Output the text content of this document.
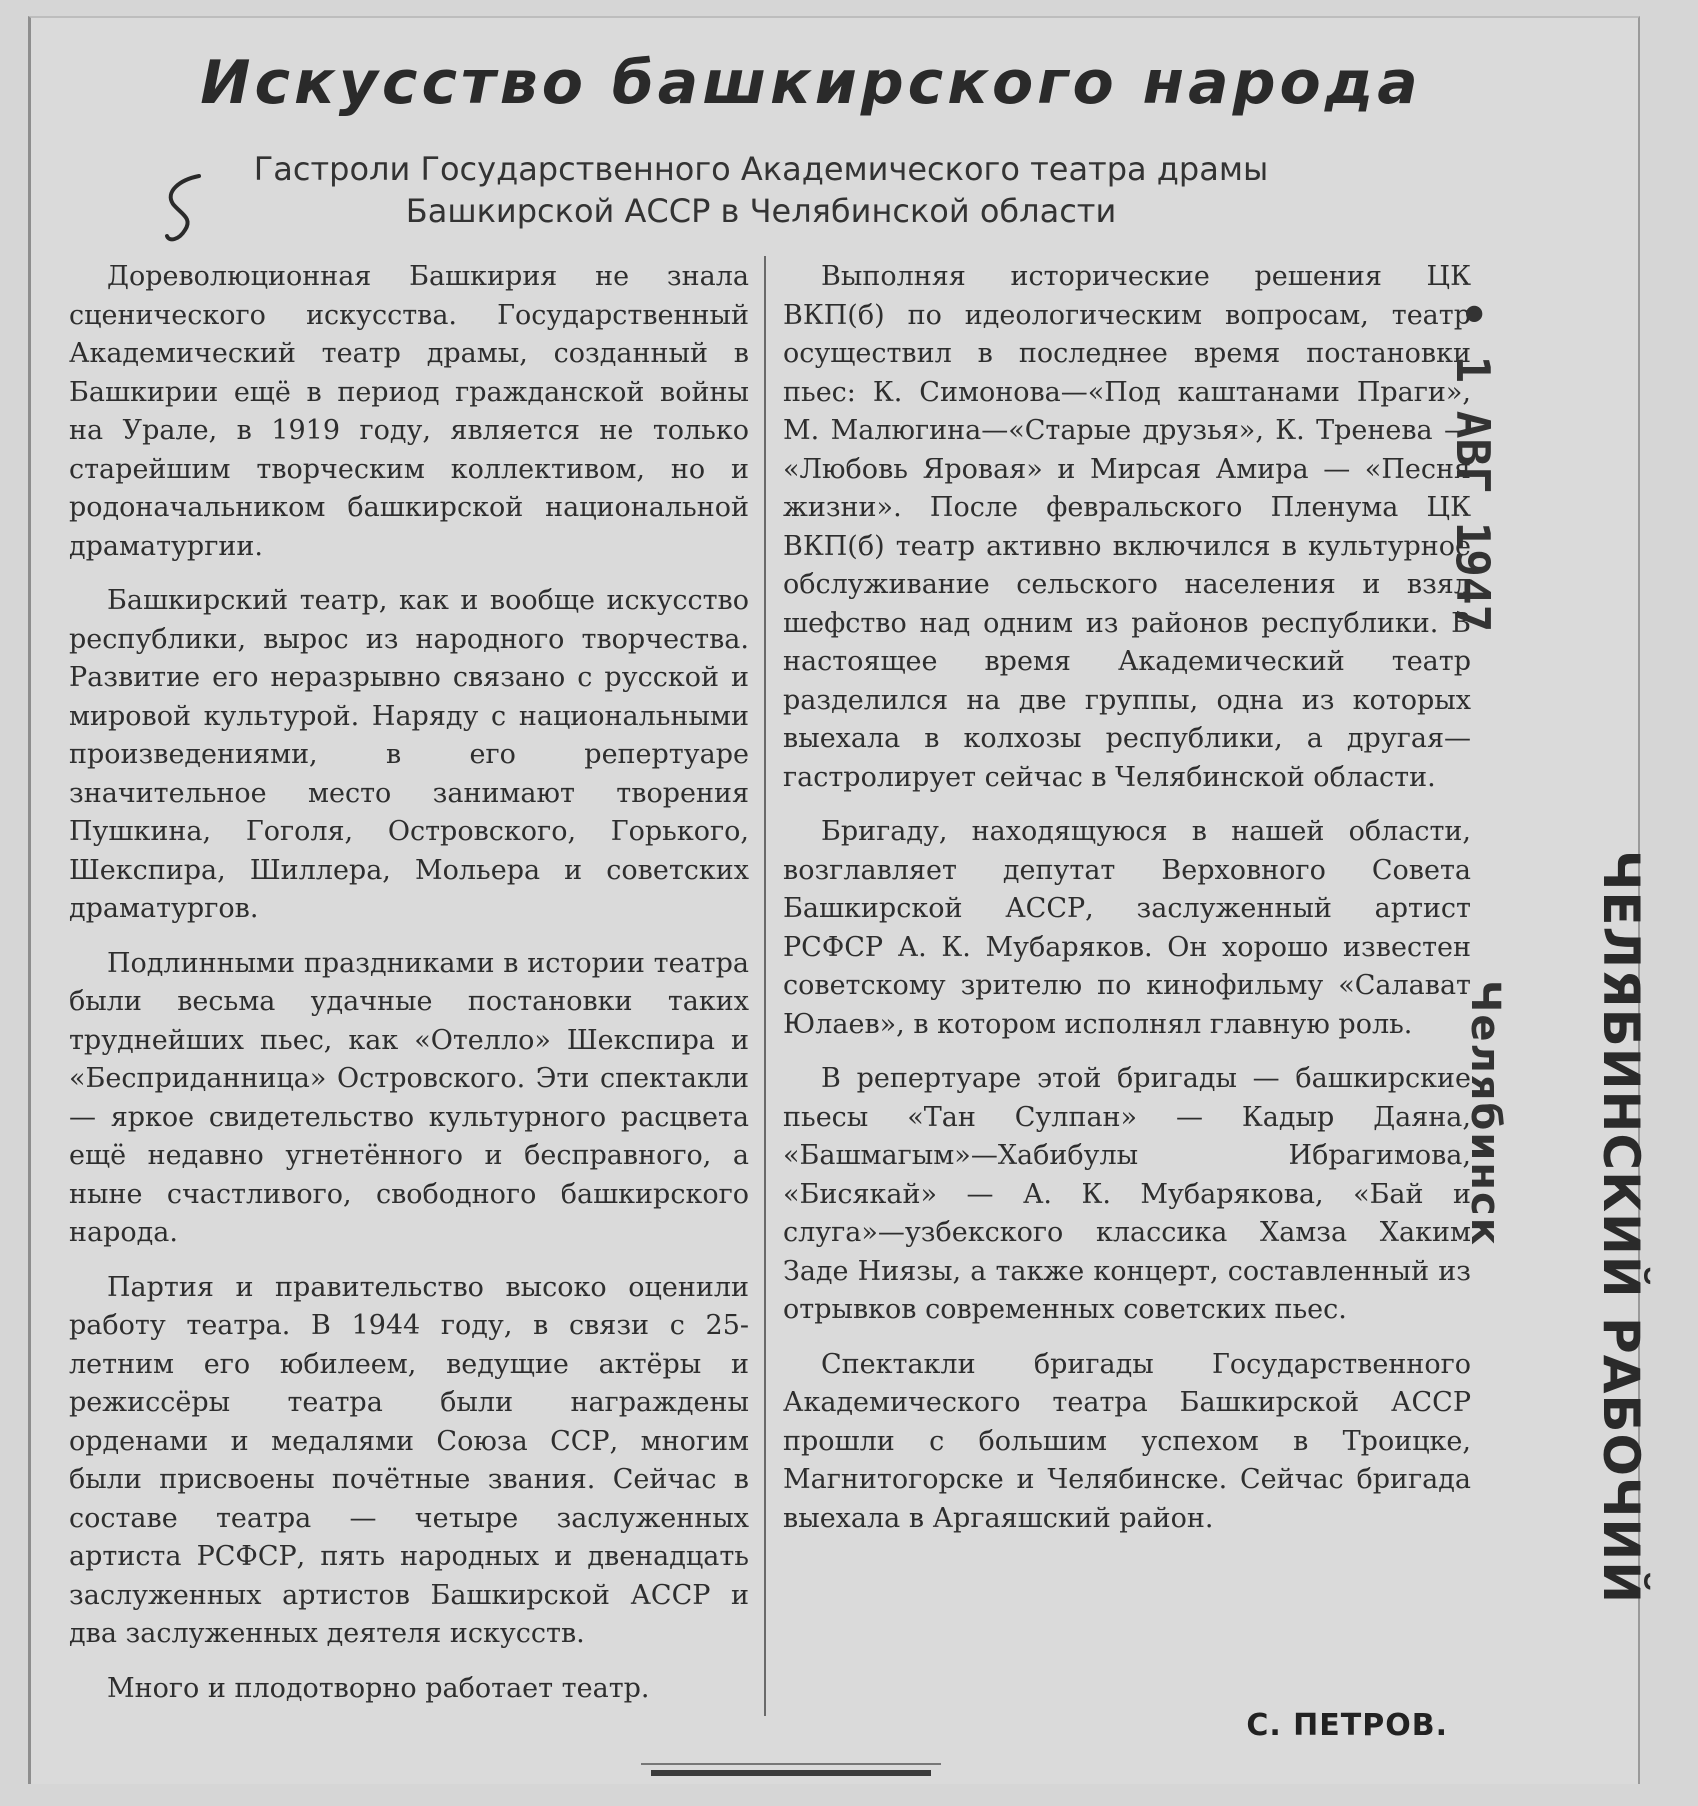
Искусство башкирского народа
Гастроли Государственного Академического театра драмы
Башкирской АССР в Челябинской области

Дореволюционная Башкирия не знала сценического искусства. Государственный Академический театр драмы, созданный в Башкирии ещё в период гражданской войны на Урале, в 1919 году, является не только старейшим творческим коллективом, но и родоначальником башкирской национальной драматургии.

Башкирский театр, как и вообще искусство республики, вырос из народного творчества. Развитие его неразрывно связано с русской и мировой культурой. Наряду с национальными произведениями, в его репертуаре значительное место занимают творения Пушкина, Гоголя, Островского, Горького, Шекспира, Шиллера, Мольера и советских драматургов.

Подлинными праздниками в истории театра были весьма удачные постановки таких труднейших пьес, как «Отелло» Шекспира и «Бесприданница» Островского. Эти спектакли — яркое свидетельство культурного расцвета ещё недавно угнетённого и бесправного, а ныне счастливого, свободного башкирского народа.

Партия и правительство высоко оценили работу театра. В 1944 году, в связи с 25-летним его юбилеем, ведущие актёры и режиссёры театра были награждены орденами и медалями Союза ССР, многим были присвоены почётные звания. Сейчас в составе театра — четыре заслуженных артиста РСФСР, пять народных и двенадцать заслуженных артистов Башкирской АССР и два заслуженных деятеля искусств.

Много и плодотворно работает театр.

Выполняя исторические решения ЦК ВКП(б) по идеологическим вопросам, театр осуществил в последнее время постановки пьес: К. Симонова—«Под каштанами Праги», М. Малюгина—«Старые друзья», К. Тренева — «Любовь Яровая» и Мирсая Амира — «Песня жизни». После февральского Пленума ЦК ВКП(б) театр активно включился в культурное обслуживание сельского населения и взял шефство над одним из районов республики. В настоящее время Академический театр разделился на две группы, одна из которых выехала в колхозы республики, а другая—гастролирует сейчас в Челябинской области.

Бригаду, находящуюся в нашей области, возглавляет депутат Верховного Совета Башкирской АССР, заслуженный артист РСФСР А. К. Мубаряков. Он хорошо известен советскому зрителю по кинофильму «Салават Юлаев», в котором исполнял главную роль.

В репертуаре этой бригады — башкирские пьесы «Тан Сулпан» — Кадыр Даяна, «Башмагым»—Хабибулы Ибрагимова, «Бисякай» — А. К. Мубарякова, «Бай и слуга»—узбекского классика Хамза Хаким Заде Ниязы, а также концерт, составленный из отрывков современных советских пьес.

Спектакли бригады Государственного Академического театра Башкирской АССР прошли с большим успехом в Троицке, Магнитогорске и Челябинске. Сейчас бригада выехала в Аргаяшский район.

С. ПЕТРОВ.
• 1 АВГ 1947
ЧЕЛЯБИНСКИЙ РАБОЧИЙ
Челябинск
